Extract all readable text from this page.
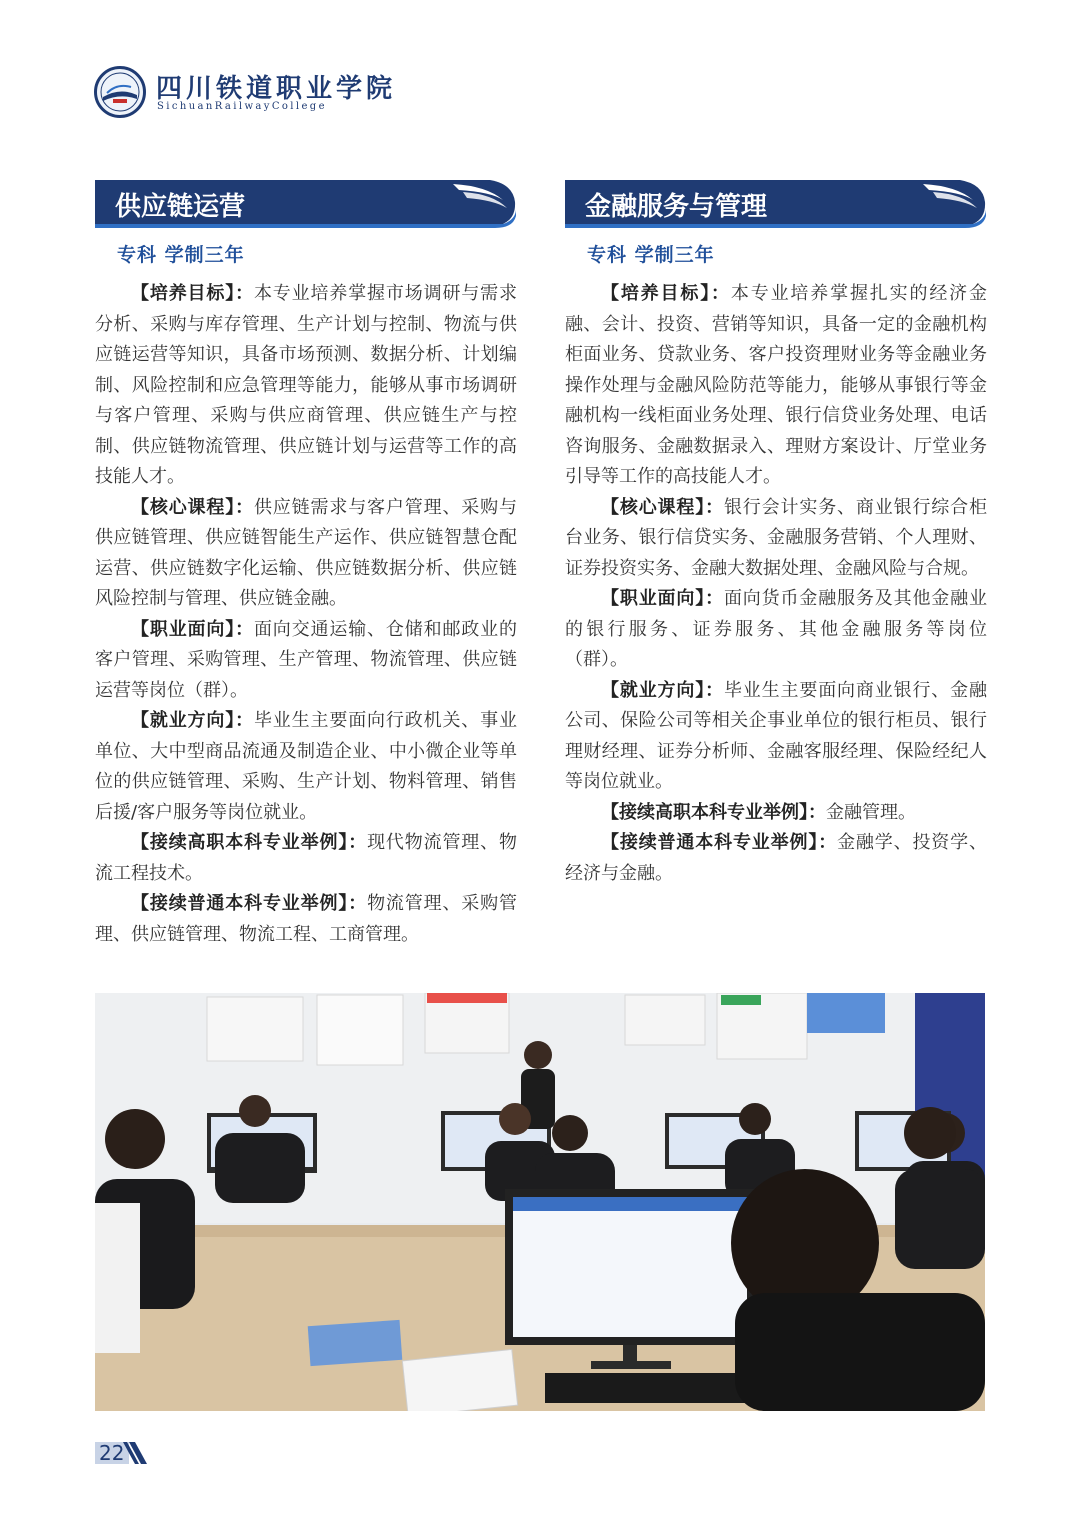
四川铁道职业学院
SichuanRailwayCollege
供应链运营
专科 学制三年

【培养目标】：本专业培养掌握市场调研与需求分析、采购与库存管理、生产计划与控制、物流与供应链运营等知识，具备市场预测、数据分析、计划编制、风险控制和应急管理等能力，能够从事市场调研与客户管理、采购与供应商管理、供应链生产与控制、供应链物流管理、供应链计划与运营等工作的高技能人才。

【核心课程】：供应链需求与客户管理、采购与供应链管理、供应链智能生产运作、供应链智慧仓配运营、供应链数字化运输、供应链数据分析、供应链风险控制与管理、供应链金融。

【职业面向】：面向交通运输、仓储和邮政业的客户管理、采购管理、生产管理、物流管理、供应链运营等岗位（群）。

【就业方向】：毕业生主要面向行政机关、事业单位、大中型商品流通及制造企业、中小微企业等单位的供应链管理、采购、生产计划、物料管理、销售后援/客户服务等岗位就业。

【接续高职本科专业举例】：现代物流管理、物流工程技术。

【接续普通本科专业举例】：物流管理、采购管理、供应链管理、物流工程、工商管理。

金融服务与管理
专科 学制三年

【培养目标】：本专业培养掌握扎实的经济金融、会计、投资、营销等知识，具备一定的金融机构柜面业务、贷款业务、客户投资理财业务等金融业务操作处理与金融风险防范等能力，能够从事银行等金融机构一线柜面业务处理、银行信贷业务处理、电话咨询服务、金融数据录入、理财方案设计、厅堂业务引导等工作的高技能人才。

【核心课程】：银行会计实务、商业银行综合柜台业务、银行信贷实务、金融服务营销、个人理财、证券投资实务、金融大数据处理、金融风险与合规。

【职业面向】：面向货币金融服务及其他金融业的银行服务、证券服务、其他金融服务等岗位（群）。

【就业方向】：毕业生主要面向商业银行、金融公司、保险公司等相关企事业单位的银行柜员、银行理财经理、证券分析师、金融客服经理、保险经纪人等岗位就业。

【接续高职本科专业举例】：金融管理。

【接续普通本科专业举例】：金融学、投资学、经济与金融。

22
